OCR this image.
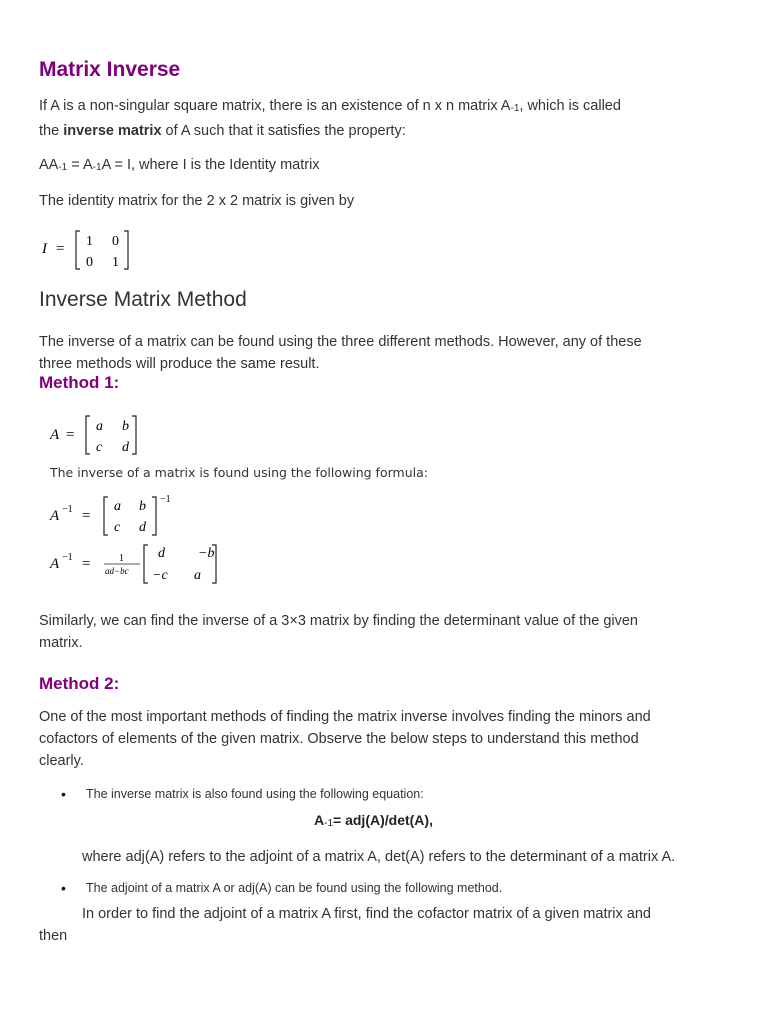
Matrix Inverse
If A is a non-singular square matrix, there is an existence of n x n matrix $A_{-1}$, which is called
the inverse matrix of A such that it satisfies the property:
$AA_{-1} = A_{-1}A = I$, where I is the Identity matrix
The identity matrix for the 2 x 2 matrix is given by
I = 1 0
0 1
Inverse Matrix Method
The inverse of a matrix can be found using the three different methods. However, any of these
three methods will produce the same result.
Method 1:
A =
a b
c d
The inverse of a matrix is found using the following formula:
A −1 =
a b
c d
−1
A −1 =	1
ad−bc
d −b
−c a
Similarly, we can find the inverse of a 3×3 matrix by finding the determinant value of the given
matrix.
Method 2:
One of the most important methods of finding the matrix inverse involves finding the minors and
cofactors of elements of the given matrix. Observe the below steps to understand this method
clearly.
• The inverse matrix is also found using the following equation:
$A_{-1}= adj(A)/\det(A)$,
where adj(A) refers to the adjoint of a matrix A, det(A) refers to the determinant of a matrix A.
• The adjoint of a matrix A or adj(A) can be found using the following method.
In order to find the adjoint of a matrix A first, find the cofactor matrix of a given matrix and
then
